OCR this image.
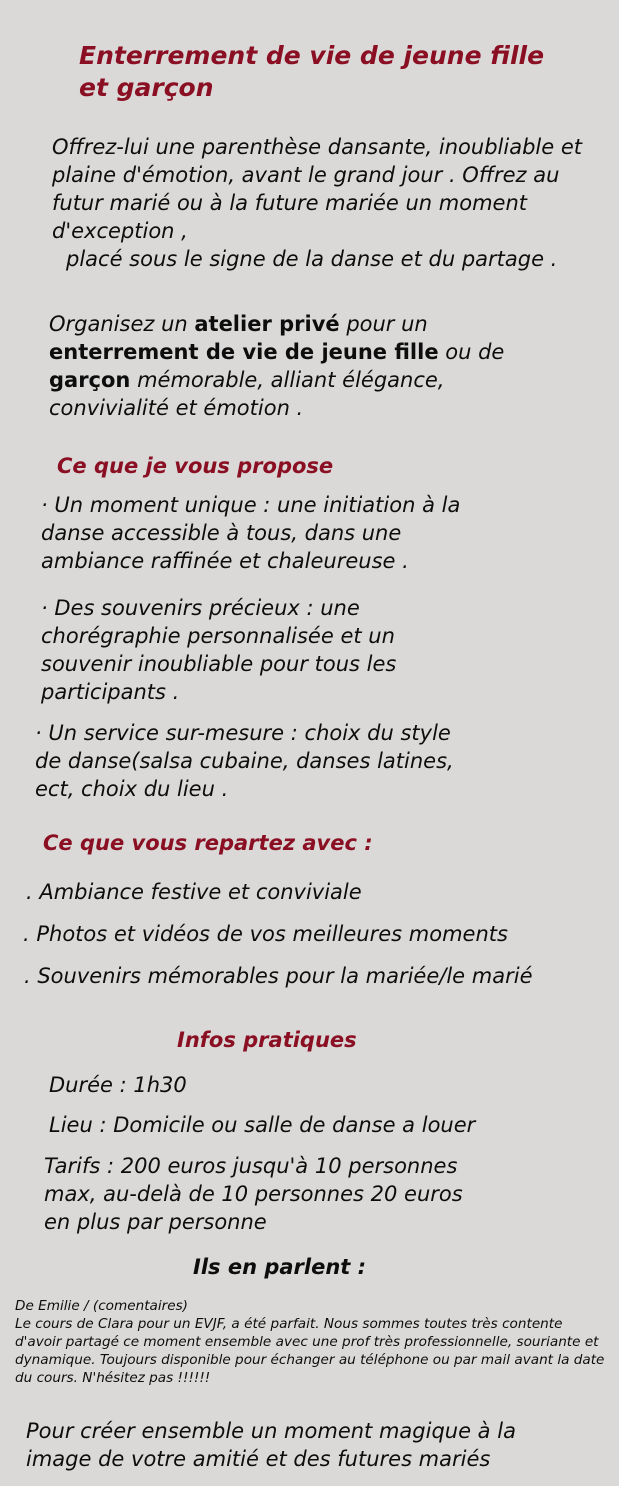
Enterrement de vie de jeune fille et garçon

Offrez-lui une parenthèse dansante, inoubliable et plaine d'émotion, avant le grand jour . Offrez au futur marié ou à la future mariée un moment d'exception ,
placé sous le signe de la danse et du partage .

Organisez un atelier privé pour un enterrement de vie de jeune fille ou de garçon mémorable, alliant élégance, convivialité et émotion .

Ce que je vous propose

· Un moment unique : une initiation à la danse accessible à tous, dans une ambiance raffinée et chaleureuse .

· Des souvenirs précieux : une chorégraphie personnalisée et un souvenir inoubliable pour tous les participants .

· Un service sur-mesure : choix du style de danse(salsa cubaine, danses latines, ect, choix du lieu .

Ce que vous repartez avec :

. Ambiance festive et conviviale

. Photos et vidéos de vos meilleures moments

. Souvenirs mémorables pour la mariée/le marié

Infos pratiques

Durée : 1h30

Lieu : Domicile ou salle de danse a louer

Tarifs : 200 euros jusqu'à 10 personnes max, au-delà de 10 personnes 20 euros en plus par personne

Ils en parlent :
De Emilie / (comentaires)
Le cours de Clara pour un EVJF, a été parfait. Nous sommes toutes très contente d'avoir partagé ce moment ensemble avec une prof très professionnelle, souriante et dynamique. Toujours disponible pour échanger au téléphone ou par mail avant la date du cours. N'hésitez pas !!!!!!

Pour créer ensemble un moment magique à la image de votre amitié et des futures mariés
